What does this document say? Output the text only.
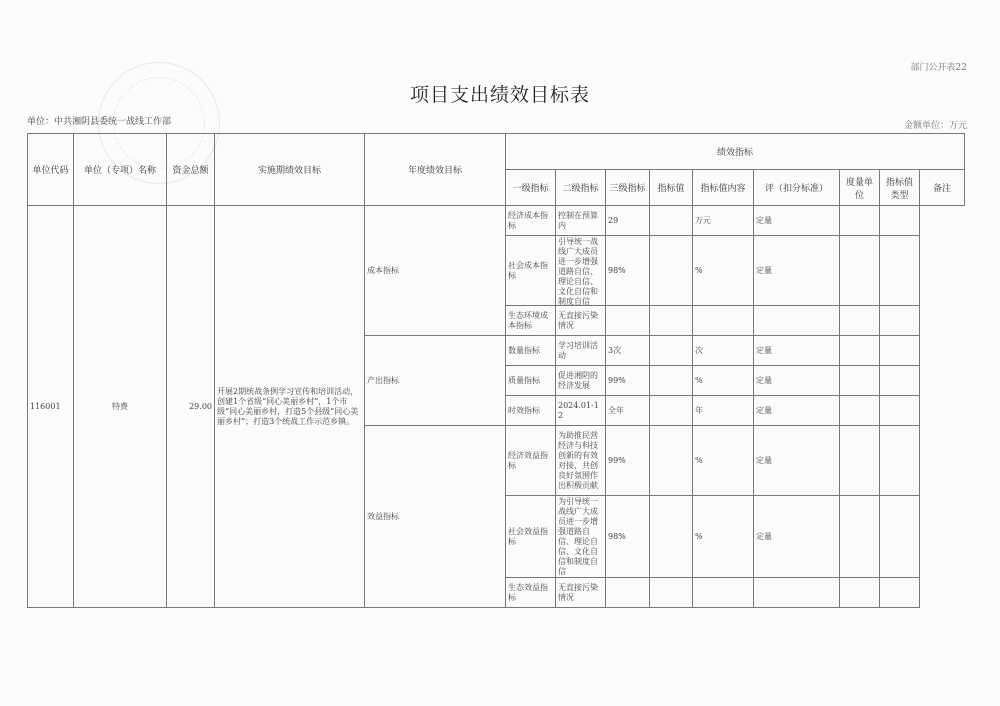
部门公开表22
项目支出绩效目标表
单位：中共湘阴县委统一战线工作部	金额单位：万元
单位代码	单位（专项）名称	资金总额	实施期绩效目标	年度绩效目标	绩效指标								
					一级指标	二级指标	三级指标	指标值	指标值内容	评（扣分标准）	度量单位	指标值类型	备注

116001	特费	29.00	开展2期统战条例学习宣传和培训活动，创建1个省级“同心美丽乡村”，1个市级“同心美丽乡村，打造5个县级“同心美丽乡村”；打造3个统战工作示范乡镇。	成本指标	经济成本指标	控制在预算内	29		万元	定量			

					社会成本指标	引导统一战线广大成员进一步增强道路自信、理论自信、文化自信和制度自信	98%		%	定量			

					生态环境成本指标	无直接污染情况							

				产出指标	数量指标	学习培训活动	3次		次	定量			

					质量指标	促进湘阴的经济发展	99%		%	定量			

					时效指标	2024.01-12	全年		年	定量			

				效益指标	经济效益指标	为助推民营经济与科技创新的有效对接，共创良好氛围作出积极贡献	99%		%	定量			

					社会效益指标	为引导统一战线广大成员进一步增强道路自信、理论自信、文化自信和制度自信	98%		%	定量			

					生态效益指标	无直接污染情况							
